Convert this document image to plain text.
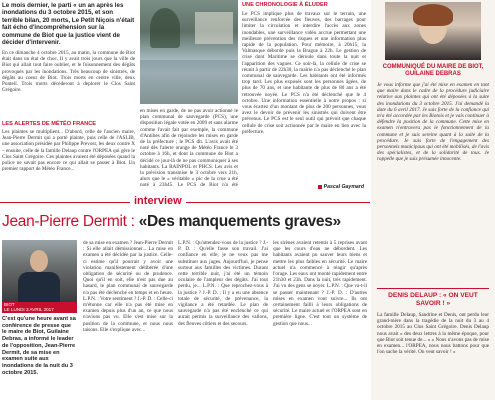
Le mois dernier, le parti « un an après les inondations du 3 octobre 2015, et son terrible bilan, 20 morts, Le Petit Niçois n'était fait écho d'incompréhension sur la commune de Biot que la justice vient de décider d'intervenir.
En ce dimanche 4 octobre 2015, au matin, la commune de Biot était dans un état de choc. Il y avait trois jours que la ville de Biot qui allait tout faire oublier, et le foisonnement des dégâts provoqués par les inondations. Très beaucoup de sinistrés, de dégâts au coeur de Biot. Trois morts en centre ville, deux Ponteil. Trois morts décéderont à deplorer le Clos Saint Grégoire.
LES ALERTES DE MÉTÉO FRANCE
Les plaintes se multiplient... D'abord, celle de l'ancien maire, Jean-Pierre Dermit qui a porté plainte, puis celle de l'ASLIB, une association présidée par Philippe Prevost, les deux contre X – ensuite, celle de la famille Delaup contre l'ORPEA qui gère le Clos Saint Grégoire. Ces plaintes avaient été déposées quand la police ne savait pas encore ce qui allait se passer à Biot. Un premier rapport de Météo France...
en mises en garde, de ne pas avoir actionné le plan communal de sauvegarde (PCS), une disposition légale votée en 2009 et sans alarme comme l'avait fait par exemple, la commune d'Antibes afin de rejoindre les mises en garde de la préfecture ; le PCS dit. L'avis avait été noté dès l'alerte orange de Météo France le 3 octobre à 16h, et dont la commune de Biot a décidé ce jour-là de ne pas communiquer à ses habitants. La RAINPOL et PHCS. Les avis et la prévision transmise le 3 octobre vers 21h, alors que le « véritable » pic de la crue a été noté à 23h45. Le PCS de Biot n'a été
UNE CHRONOLOGIE À ÉLUDER
Le PCS implique plus de travaux sur le terrain, une surveillance renforcée des fleuves, des barrages pour limiter la circulation et interdire l'accès aux zones inondables, une surveillance vidéo accrue permettant une meilleure prévention des risques et une information plus rapide de la population. Pour mémoire, à 20h15, la Valmasque déborde puis la Brague à 22h. Le gestion de crise dont Maritime se déroule dans toute la nuit et l'apparition des vagues. Ce soir-là, la cellule de crise se réunit à partir de 22h30, la mairie n'a pas déclenché le plan communal de sauvegarde. Les habitants ont été informés trop tard. Les plus exposés sont les personnes âgées, de plus de 70 ans, et une habitante de plus de 80 ans a été retrouvée noyée. Le PCS n'a été déclenché que le 4 octobre. Une information essentielle à notre propos : si vous écartez d'un montant de plus de 200 personnes, vous avez le devoir de prévenir les sinistrés qui doivent être prévenus. Le PCS est le seul outil qui prévoit que chaque cellule de crise soit actionnée par le maire en lien avec la préfecture.
Pascal Gaymard
COMMUNIQUÉ DU MAIRE DE BIOT, GUILAINE DEBRAS
Je vous informe que j'ai été mise en examen en tant que maire dans le cadre de la procédure judiciaire relative aux plaintes qui ont été déposées à la suite des inondations du 3 octobre 2015. J'ai demandé la date du 6 avril 2017. Je suis forte de la confiance qui m'a été accordée par les Biotois et je vais continuer à défendre la position de la commune. Cette mise en examen n'entravera pas le fonctionnement de la commune et je suis sereine quant à la suite de la procédure. Je suis forte de l'engagement des personnels municipaux qui ont été mobilisés, de l'avis des spécialistes, et de la solidarité de tous. Je rappelle que je suis présumée innocente.
DENIS DELAUP : « ON VEUT SAVOIR ! »
La famille Delaup, Sandrine et Denis, ont perdu leur grand-mère dans la tragédie de la nuit du 3 au 4 octobre 2015 au Clos Saint Grégoire. Denis Delaup nous avait « des deux lettres à la même époque, pour que Biot soit tenue de... » « Nous n'avons pas de mise en examen... l'ORPEA, nous nous battons pour que l'on sache la vérité. On veut savoir ! »
interview
Jean-Pierre Dermit : «Des manquements graves»
BIOT
LE LUNDI 3 AVRIL 2017
C'est qu'une heure avant sa conférence de presse que le maire de Biot, Guilaine Debras, a informé le leader de l'opposition, Jean-Pierre Dermit, de sa mise en examen suite aux inondations de la nuit du 3 octobre 2015.
de sa mise en examen ? Jean-Pierre Dermit : Si elle allait démissionner... La mise en examen a été décidée par la justice. Celle-ci estime qu'il pourrait y avoir une violation manifestement délibérée d'une obligation de sécurité ou de prudence. Quoi qu'il en soit, elle n'est pas due au hasard, le plan communal de sauvegarde n'a pas été déclenché en temps et en heure. L.P.N. : Votre sentiment ? J.-P. D. : Celle-ci m'étonne car elle n'a pas été mise en examen depuis plus d'un an, ce que nous n'avions pas vu. Elle s'est mise sur la position de la commune, et nous nous taisons. Elle s'explique avec...
L.P.N. : Qu'attendez-vous de la justice ? J.-P. D. : Qu'elle fasse son travail. J'ai confiance en elle, je ne veux pas me substituer aux juges. Aujourd'hui, je pense surtout aux familles des victimes. Durant cette terrible nuit, j'ai été un témoin oculaire de l'ampleur des dégâts. J'ai tout perdu, je... L.P.N. : Que reprochez-vous à la justice ? J.-P. D. : Il y a eu une absence totale de sécurité, de prévenance, la vigilance a été retardée. Le plan de sauvegarde n'a pas été enclenché ce qui aurait permis la surveillance des vallons, des fleuves côtiers et des secours.
les sirènes avaient retentis à 5 reprises avant que les cours d'eau ne débordent. Les habitants avaient pu sauver leurs biens et mettre les plus faibles en sécurité. Le maire actuel n'a commencé à réagir qu'après l'orage. Les eaux ont monté rapidement entre 21h30 et 23h. Dans la nuit, très rapidement. J'ai vu des gens se noyer. L.P.N. : Que va-t-il se passer maintenant ? J.-P. D. : D'autres mises en examen vont suivre... Ils ont certainement failli à leurs obligations de sécurité. Le maire actuel et l'ORPEA sont en première ligne. C'est tout un système de gestion que nous...
